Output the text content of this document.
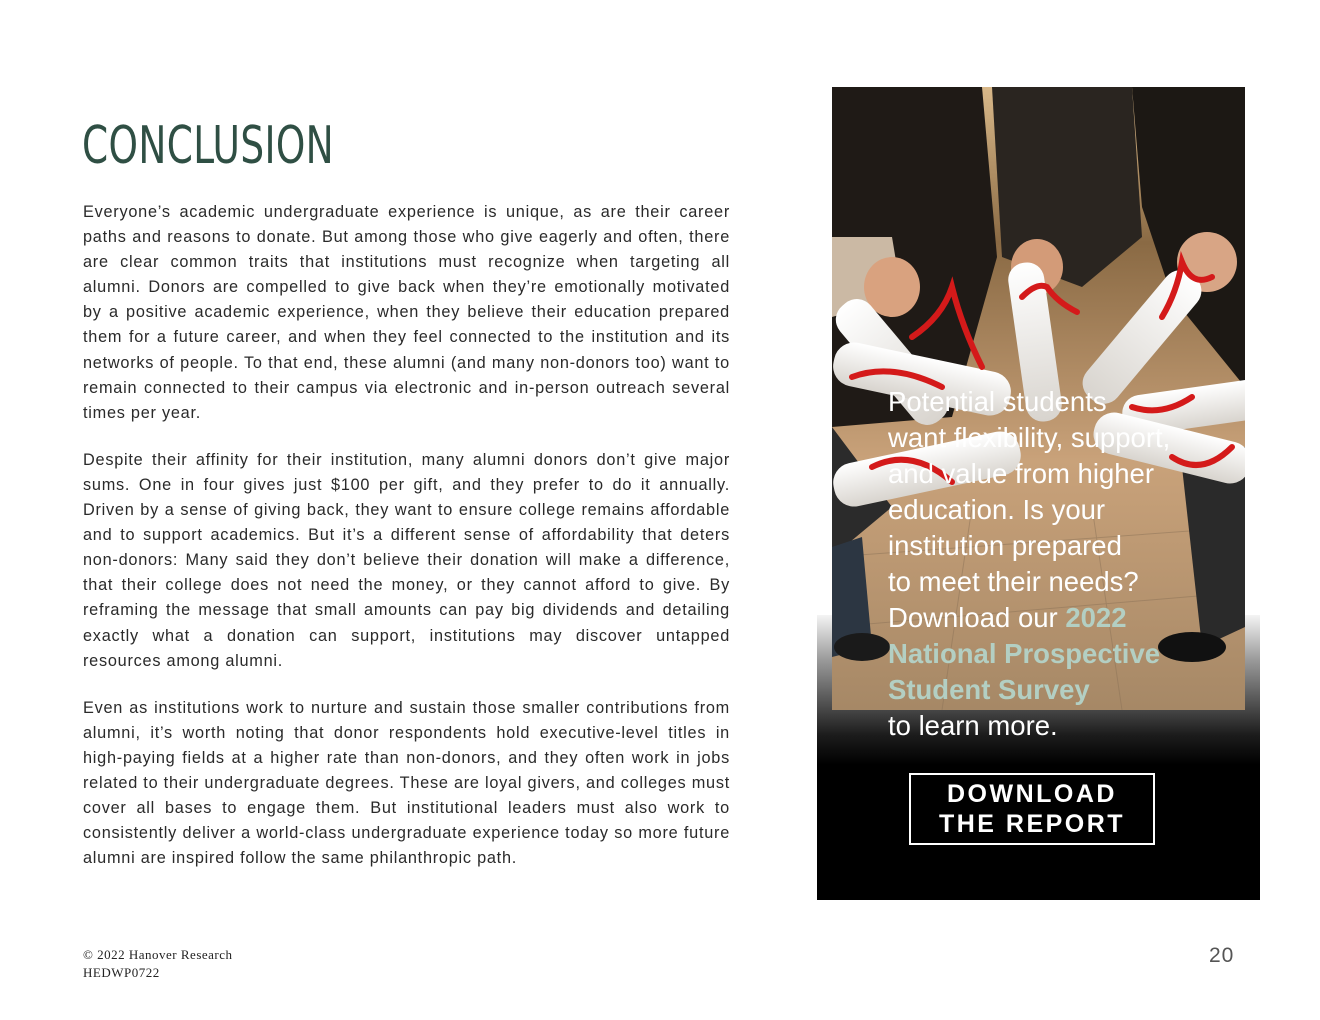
CONCLUSION

Everyone’s academic undergraduate experience is unique, as are their career paths and reasons to donate. But among those who give eagerly and often, there are clear common traits that institutions must recognize when targeting all alumni. Donors are compelled to give back when they’re emotionally motivated by a positive academic experience, when they believe their education prepared them for a future career, and when they feel connected to the institution and its networks of people. To that end, these alumni (and many non-donors too) want to remain connected to their campus via electronic and in-person outreach several times per year.

Despite their affinity for their institution, many alumni donors don’t give major sums. One in four gives just $100 per gift, and they prefer to do it annually. Driven by a sense of giving back, they want to ensure college remains affordable and to support academics. But it’s a different sense of affordability that deters non-donors: Many said they don’t believe their donation will make a difference, that their college does not need the money, or they cannot afford to give. By reframing the message that small amounts can pay big dividends and detailing exactly what a donation can support, institutions may discover untapped resources among alumni.

Even as institutions work to nurture and sustain those smaller contributions from alumni, it’s worth noting that donor respondents hold executive-level titles in high-paying fields at a higher rate than non-donors, and they often work in jobs related to their undergraduate degrees. These are loyal givers, and colleges must cover all bases to engage them. But institutional leaders must also work to consistently deliver a world-class undergraduate experience today so more future alumni are inspired follow the same philanthropic path.

Potential students
want flexibility, support,
and value from higher
education. Is your
institution prepared
to meet their needs?
Download our 2022
National Prospective
Student Survey
to learn more.
DOWNLOAD
THE REPORT
© 2022 Hanover Research
HEDWP0722
20
